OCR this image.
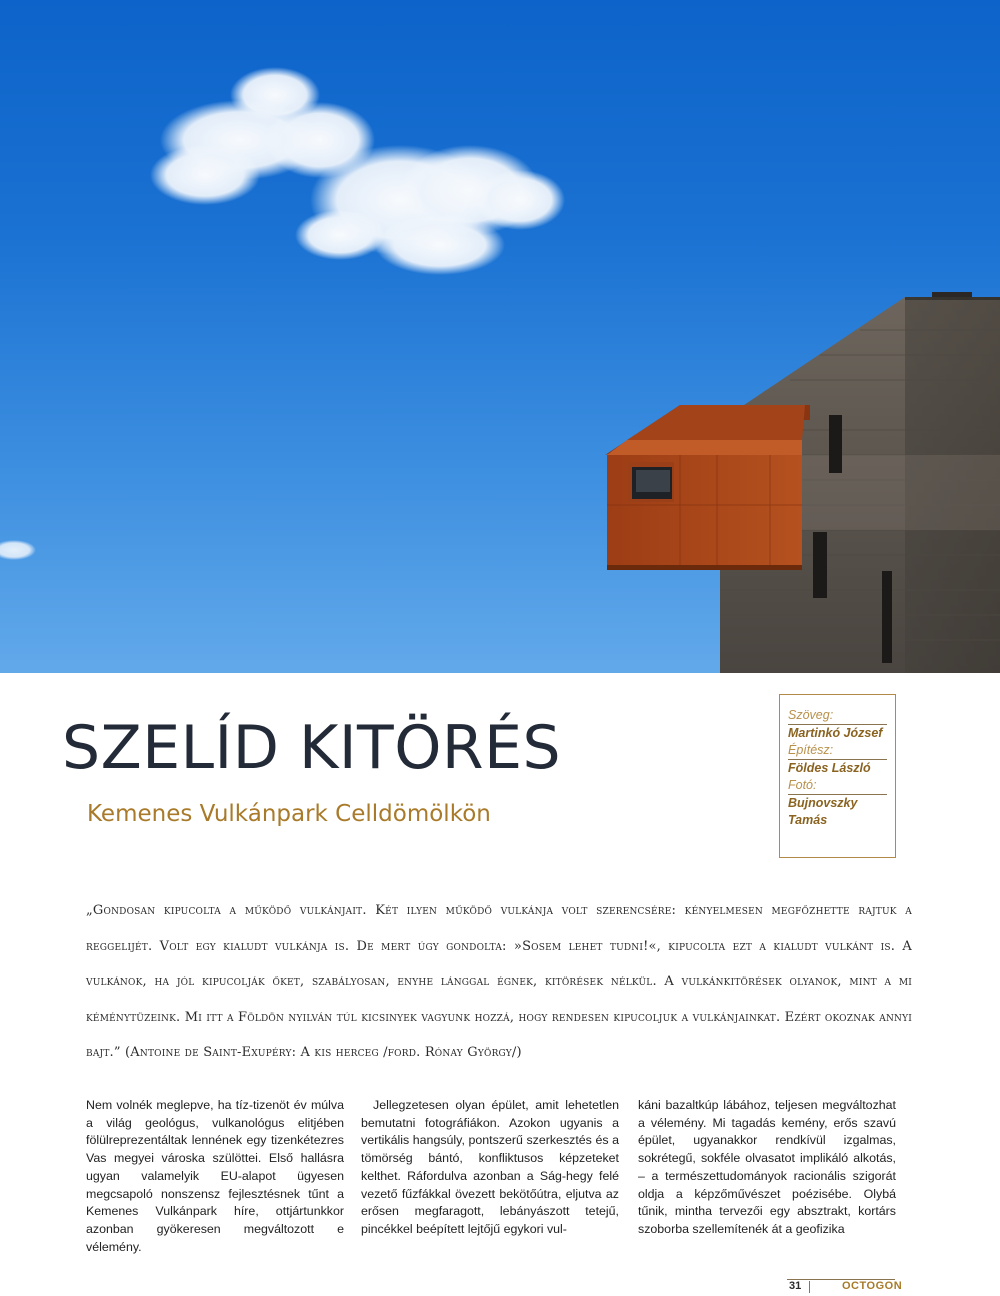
SZELÍD KITÖRÉS
Kemenes Vulkánpark Celldömölkön
Szöveg:
Martinkó József
Építész:
Földes László
Fotó:
Bujnovszky Tamás

„Gondosan kipucolta a működő vulkánjait. Két ilyen működő vulkánja volt szerencsére: kényelmesen megfőzhette rajtuk a reggelijét. Volt egy kialudt vulkánja is. De mert úgy gondolta: »Sosem lehet tudni!«, kipucolta ezt a kialudt vulkánt is. A vulkánok, ha jól kipucolják őket, szabályosan, enyhe lánggal égnek, kitörések nélkül. A vulkánkitörések olyanok, mint a mi kéménytüzeink. Mi itt a Földön nyilván túl kicsinyek vagyunk hozzá, hogy rendesen kipucoljuk a vulkánjainkat. Ezért okoznak annyi bajt.” (Antoine de Saint-Exupéry: A kis herceg /ford. Rónay György/)

Nem volnék meglepve, ha tíz-tizenöt év múlva a világ geológus, vulkanológus elitjében fölülreprezentáltak lennének egy tizenkétezres Vas megyei városka szülöttei. Első hallásra ugyan valamelyik EU-alapot ügyesen megcsapoló nonszensz fejlesztésnek tűnt a Kemenes Vulkánpark híre, ottjártunkkor azonban gyökeresen megváltozott e vélemény.

Jellegzetesen olyan épület, amit lehetetlen bemutatni fotográfiákon. Azokon ugyanis a vertikális hangsúly, pontszerű szerkesztés és a tömörség bántó, konfliktusos képzeteket kelthet. Ráfordulva azonban a Ság-hegy felé vezető fűzfákkal övezett bekötőútra, eljutva az erősen megfaragott, lebányászott tetejű, pincékkel beépített lejtőjű egykori vul-

káni bazaltkúp lábához, teljesen megváltozhat a vélemény. Mi tagadás kemény, erős szavú épület, ugyanakkor rendkívül izgalmas, sokrétegű, sokféle olvasatot implikáló alkotás, – a természettudományok racionális szigorát oldja a képzőművészet poézisébe. Olybá tűnik, mintha tervezői egy absztrakt, kortárs szoborba szellemítenék át a geofizika

31	OCTOGON
